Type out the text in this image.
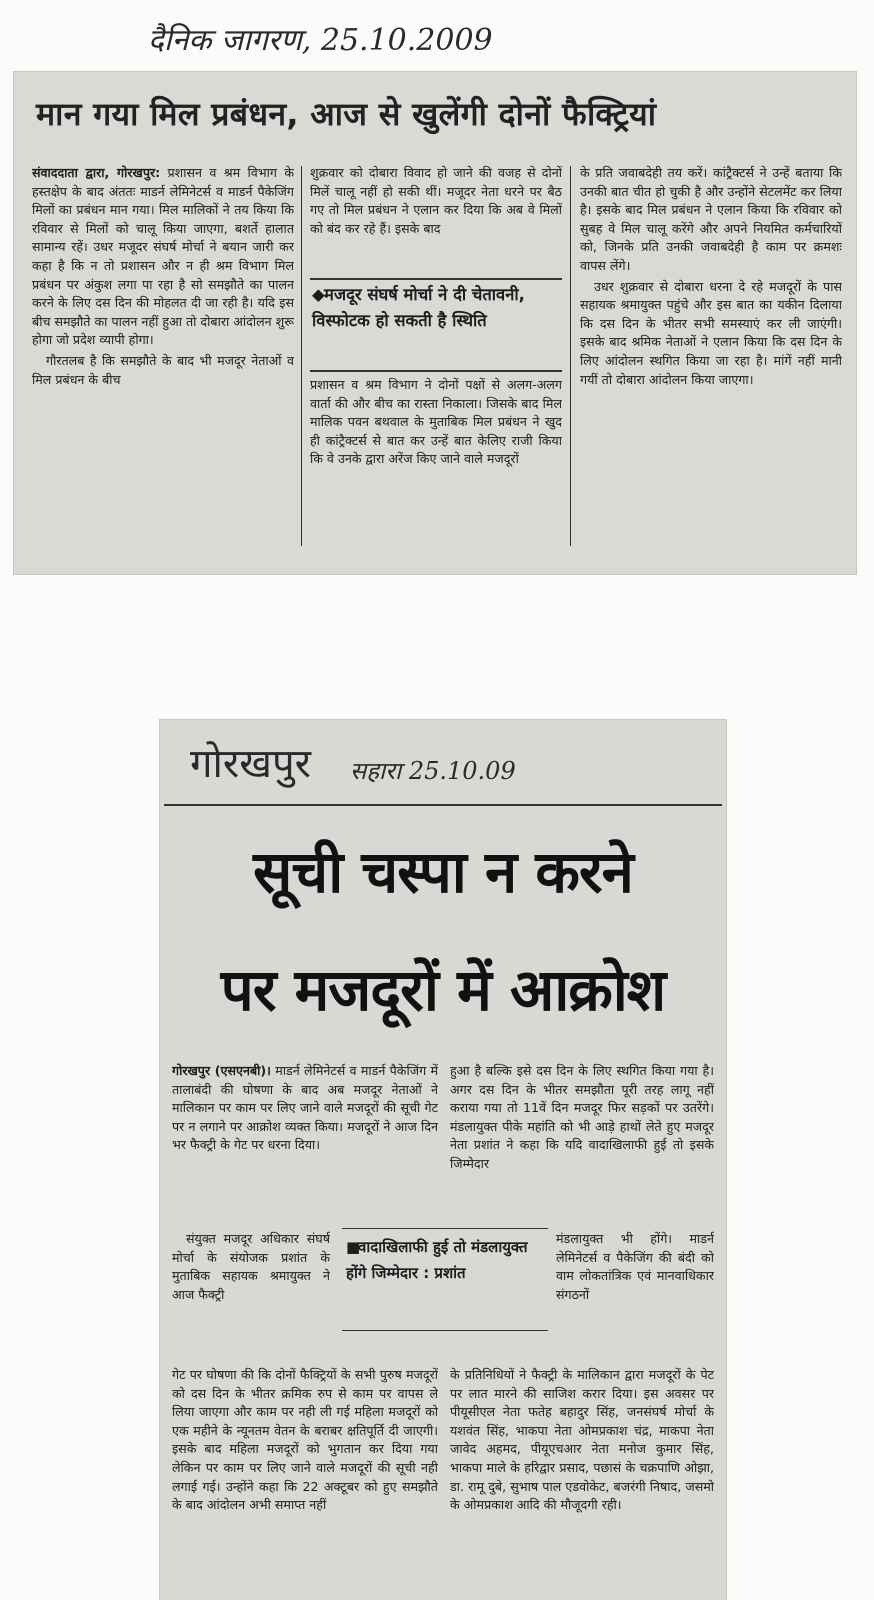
दैनिक जागरण, 25.10.2009
मान गया मिल प्रबंधन, आज से खुलेंगी दोनों फैक्ट्रियां

संवाददाता द्वारा, गोरखपुर: प्रशासन व श्रम विभाग के हस्तक्षेप के बाद अंततः माडर्न लेमिनेटर्स व माडर्न पैकेजिंग मिलों का प्रबंधन मान गया। मिल मालिकों ने तय किया कि रविवार से मिलों को चालू किया जाएगा, बशर्ते हालात सामान्य रहें। उधर मजूदर संघर्ष मोर्चा ने बयान जारी कर कहा है कि न तो प्रशासन और न ही श्रम विभाग मिल प्रबंधन पर अंकुश लगा पा रहा है सो समझौते का पालन करने के लिए दस दिन की मोहलत दी जा रही है। यदि इस बीच समझौते का पालन नहीं हुआ तो दोबारा आंदोलन शुरू होगा जो प्रदेश व्यापी होगा।

गौरतलब है कि समझौते के बाद भी मजदूर नेताओं व मिल प्रबंधन के बीच

शुक्रवार को दोबारा विवाद हो जाने की वजह से दोनों मिलें चालू नहीं हो सकी थीं। मजूदर नेता धरने पर बैठ गए तो मिल प्रबंधन ने एलान कर दिया कि अब वे मिलों को बंद कर रहे हैं। इसके बाद

◆मजदूर संघर्ष मोर्चा ने दी चेतावनी, विस्फोटक हो सकती है स्थिति

प्रशासन व श्रम विभाग ने दोनों पक्षों से अलग-अलग वार्ता की और बीच का रास्ता निकाला। जिसके बाद मिल मालिक पवन बथवाल के मुताबिक मिल प्रबंधन ने खुद ही कांट्रैक्टर्स से बात कर उन्हें बात केलिए राजी किया कि वे उनके द्वारा अरेंज किए जाने वाले मजदूरों

के प्रति जवाबदेही तय करें। कांट्रैक्टर्स ने उन्हें बताया कि उनकी बात चीत हो चुकी है और उन्होंने सेटलमेंट कर लिया है। इसके बाद मिल प्रबंधन ने एलान किया कि रविवार को सुबह वे मिल चालू करेंगे और अपने नियमित कर्मचारियों को, जिनके प्रति उनकी जवाबदेही है काम पर क्रमशः वापस लेंगे।

उधर शुक्रवार से दोबारा धरना दे रहे मजदूरों के पास सहायक श्रमायुक्त पहुंचे और इस बात का यकीन दिलाया कि दस दिन के भीतर सभी समस्याएं कर ली जाएंगी। इसके बाद श्रमिक नेताओं ने एलान किया कि दस दिन के लिए आंदोलन स्थगित किया जा रहा है। मांगें नहीं मानी गयीं तो दोबारा आंदोलन किया जाएगा।

गोरखपुर सहारा 25.10.09
सूची चस्पा न करने
पर मजदूरों में आक्रोश

गोरखपुर (एसएनबी)। माडर्न लेमिनेटर्स व माडर्न पैकेजिंग में तालाबंदी की घोषणा के बाद अब मजदूर नेताओं ने मालिकान पर काम पर लिए जाने वाले मजदूरों की सूची गेट पर न लगाने पर आक्रोश व्यक्त किया। मजदूरों ने आज दिन भर फैक्ट्री के गेट पर धरना दिया।

संयुक्त मजदूर अधिकार संघर्ष मोर्चा के संयोजक प्रशांत के मुताबिक सहायक श्रमायुक्त ने आज फैक्ट्री

गेट पर घोषणा की कि दोनों फैक्ट्रियों के सभी पुरुष मजदूरों को दस दिन के भीतर क्रमिक रुप से काम पर वापस ले लिया जाएगा और काम पर नही ली गई महिला मजदूरों को एक महीने के न्यूनतम वेतन के बराबर क्षतिपूर्ति दी जाएगी। इसके बाद महिला मजदूरों को भुगतान कर दिया गया लेकिन पर काम पर लिए जाने वाले मजदूरों की सूची नही लगाई गई। उन्होंने कहा कि 22 अक्टूबर को हुए समझौते के बाद आंदोलन अभी समाप्त नहीं

■वादाखिलाफी हुई तो मंडलायुक्त होंगे जिम्मेदार : प्रशांत

हुआ है बल्कि इसे दस दिन के लिए स्थगित किया गया है। अगर दस दिन के भीतर समझौता पूरी तरह लागू नहीं कराया गया तो 11वें दिन मजदूर फिर सड़कों पर उतरेंगे। मंडलायुक्त पीके महांति को भी आड़े हाथों लेते हुए मजदूर नेता प्रशांत ने कहा कि यदि वादाखिलाफी हुई तो इसके जिम्मेदार

मंडलायुक्त भी होंगे। माडर्न लेमिनेटर्स व पैकेजिंग की बंदी को वाम लोकतांत्रिक एवं मानवाधिकार संगठनों

के प्रतिनिधियों ने फैक्ट्री के मालिकान द्वारा मजदूरों के पेट पर लात मारने की साजिश करार दिया। इस अवसर पर पीयूसीएल नेता फतेह बहादुर सिंह, जनसंघर्ष मोर्चा के यशवंत सिंह, भाकपा नेता ओमप्रकाश चंद्र, माकपा नेता जावेद अहमद, पीयूएचआर नेता मनोज कुमार सिंह, भाकपा माले के हरिद्वार प्रसाद, पछासं के चक्रपाणि ओझा, डा. रामू दुबे, सुभाष पाल एडवोकेट, बजरंगी निषाद, जसमो के ओमप्रकाश आदि की मौजूदगी रही।
